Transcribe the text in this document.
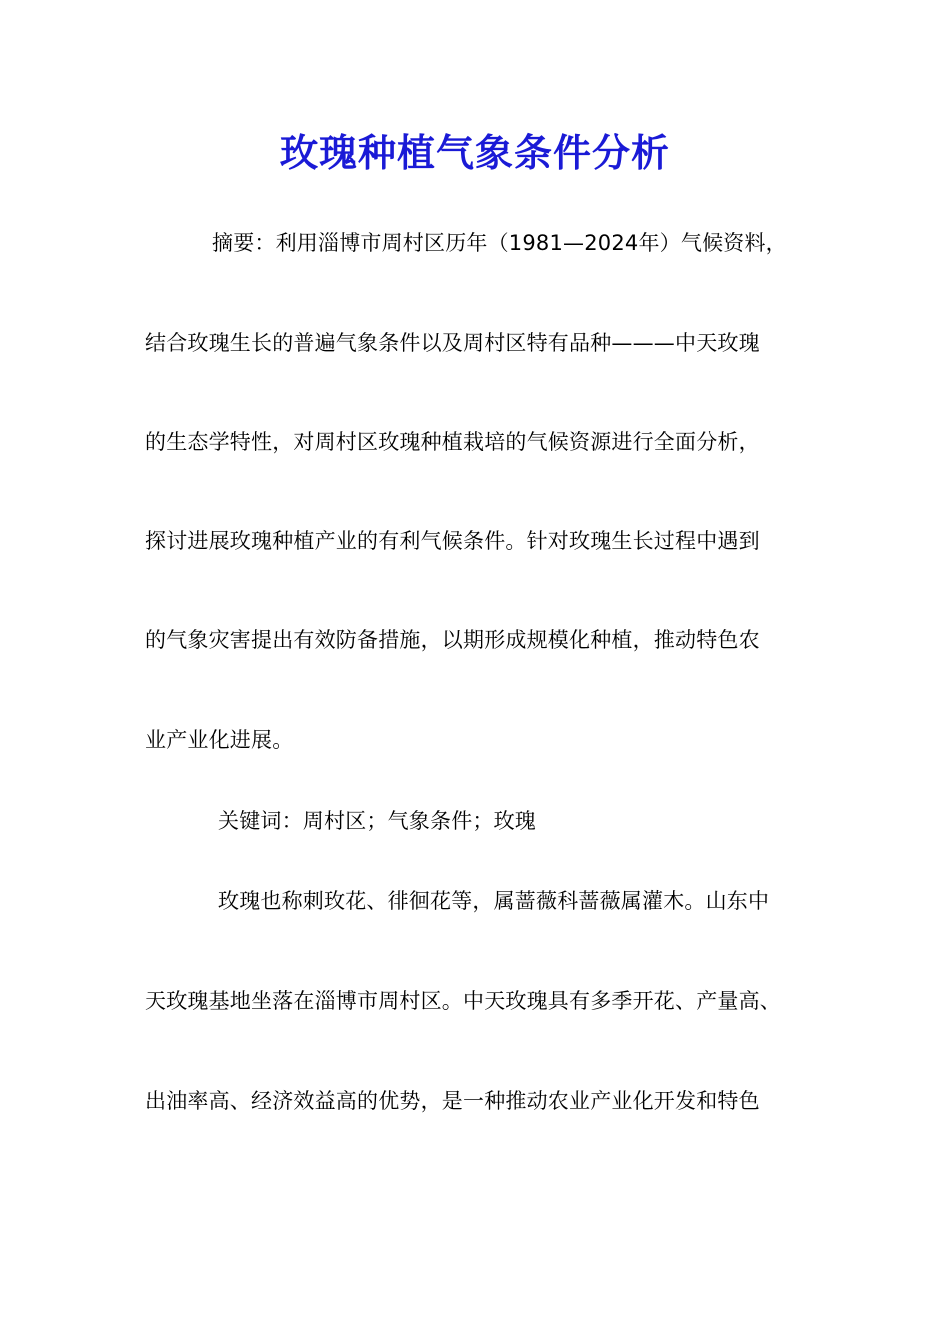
玫瑰种植气象条件分析
摘要：利用淄博市周村区历年（1981—2024年）气候资料，
结合玫瑰生长的普遍气象条件以及周村区特有品种———中天玫瑰
的生态学特性，对周村区玫瑰种植栽培的气候资源进行全面分析，
探讨进展玫瑰种植产业的有利气候条件。针对玫瑰生长过程中遇到
的气象灾害提出有效防备措施，以期形成规模化种植，推动特色农
业产业化进展。
关键词：周村区；气象条件；玫瑰
玫瑰也称刺玫花、徘徊花等，属蔷薇科蔷薇属灌木。山东中
天玫瑰基地坐落在淄博市周村区。中天玫瑰具有多季开花、产量高、
出油率高、经济效益高的优势，是一种推动农业产业化开发和特色
